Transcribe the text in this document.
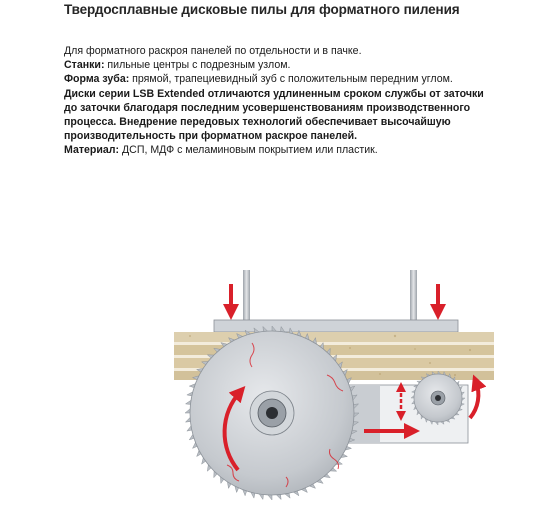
Твердосплавные дисковые пилы для форматного пиления

Для форматного раскроя панелей по отдельности и в пачке.

Станки: пильные центры с подрезным узлом.

Форма зуба: прямой, трапециевидный зуб с положительным передним углом.

Диски серии LSB Extended отличаются удлиненным сроком службы от заточки

до заточки благодаря последним усовершенствованиям производственного

процесса. Внедрение передовых технологий обеспечивает высочайшую

производительность при форматном раскрое панелей.

Материал: ДСП, МДФ с меламиновым покрытием или пластик.
